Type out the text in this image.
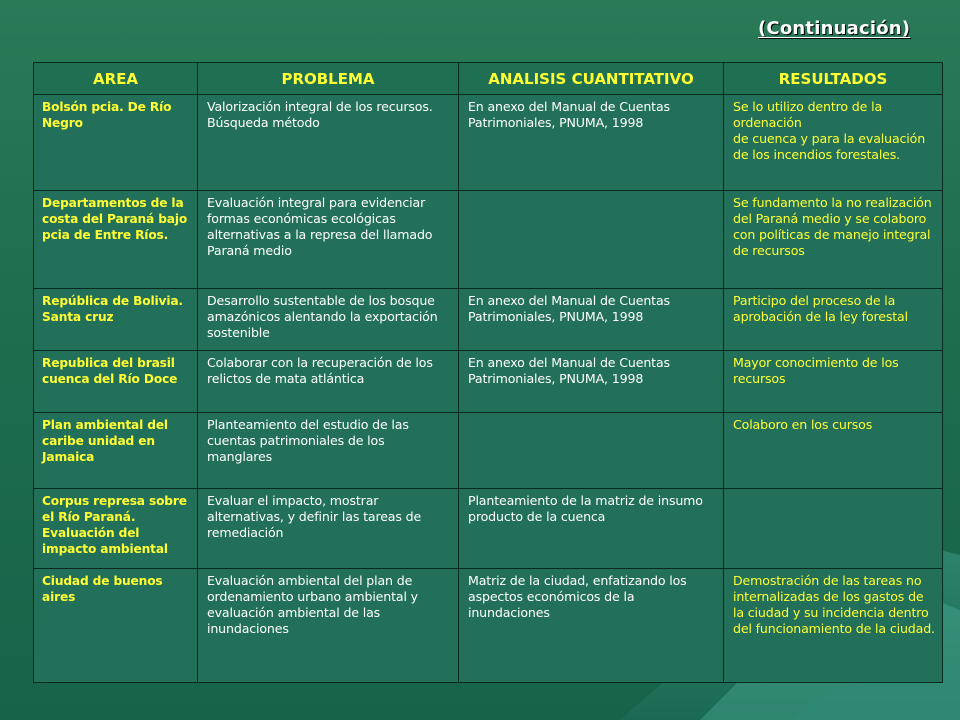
(Continuación)
AREA	PROBLEMA	ANALISIS CUANTITATIVO	RESULTADOS
Bolsón pcia. De Río Negro	Valorización integral de los recursos. Búsqueda método	En anexo del Manual de Cuentas Patrimoniales, PNUMA, 1998	Se lo utilizo dentro de la ordenación
de cuenca y para la evaluación de los incendios forestales.
Departamentos de la costa del Paraná bajo pcia de Entre Ríos.	Evaluación integral para evidenciar formas económicas ecológicas alternativas a la represa del llamado Paraná medio		Se fundamento la no realización del Paraná medio y se colaboro con políticas de manejo integral de recursos
República de Bolivia. Santa cruz	Desarrollo sustentable de los bosque amazónicos alentando la exportación sostenible	En anexo del Manual de Cuentas Patrimoniales, PNUMA, 1998	Participo del proceso de la aprobación de la ley forestal
Republica del brasil cuenca del Río Doce	Colaborar con la recuperación de los relictos de mata atlántica	En anexo del Manual de Cuentas Patrimoniales, PNUMA, 1998	Mayor conocimiento de los recursos
Plan ambiental del caribe unidad en Jamaica	Planteamiento del estudio de las cuentas patrimoniales de los manglares		Colaboro en los cursos
Corpus represa sobre el Río Paraná. Evaluación del impacto ambiental	Evaluar el impacto, mostrar alternativas, y definir las tareas de remediación	Planteamiento de la matriz de insumo producto de la cuenca	
Ciudad de buenos aires	Evaluación ambiental del plan de ordenamiento urbano ambiental y evaluación ambiental de las inundaciones	Matriz de la ciudad, enfatizando los aspectos económicos de la inundaciones	Demostración de las tareas no internalizadas de los gastos de la ciudad y su incidencia dentro del funcionamiento de la ciudad.
